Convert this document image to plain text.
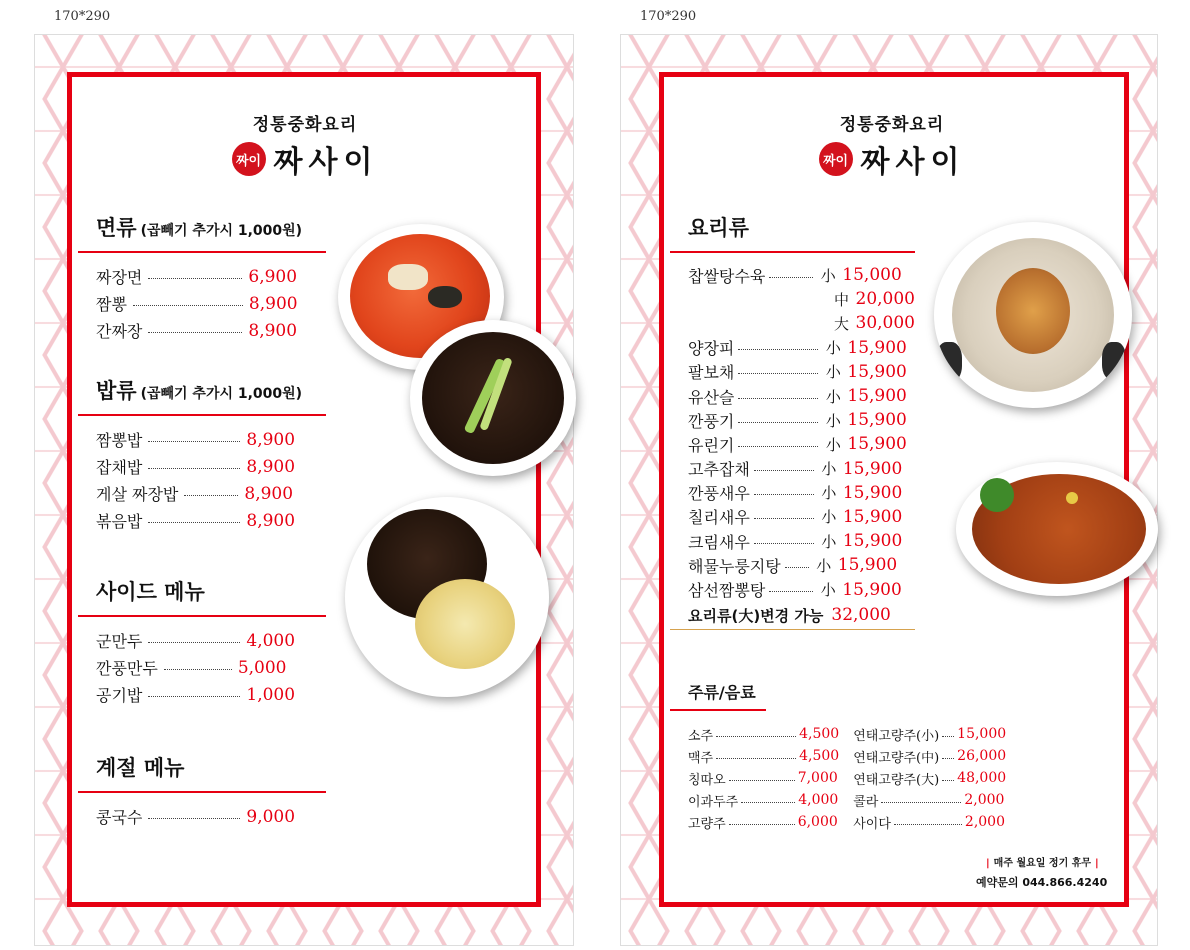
170*290	170*290
정통중화요리
짜이 짜사이
면류 (곱빼기 추가시 1,000원)
짜장면	6,900
짬뽕	8,900
간짜장	8,900
밥류 (곱빼기 추가시 1,000원)
짬뽕밥	8,900
잡채밥	8,900
게살 짜장밥	8,900
볶음밥	8,900
사이드 메뉴
군만두	4,000
깐풍만두	5,000
공기밥	1,000
계절 메뉴
콩국수	9,000
정통중화요리
짜이 짜사이
요리류
찹쌀탕수육	小 15,000
中 20,000
大 30,000
양장피	小 15,900
팔보채	小 15,900
유산슬	小 15,900
깐풍기	小 15,900
유린기	小 15,900
고추잡채	小 15,900
깐풍새우	小 15,900
칠리새우	小 15,900
크림새우	小 15,900
해물누룽지탕 小 15,900
삼선짬뽕탕	小 15,900
요리류(大)변경 가능 32,000
주류/음료
소주	4,500
맥주	4,500
칭따오	7,000
이과두주	4,000
고량주	6,000
연태고량주(小) 15,000
연태고량주(中) 26,000
연태고량주(大) 48,000
콜라	2,000
사이다	2,000
| 매주 월요일 정기 휴무 |
예약문의 044.866.4240
